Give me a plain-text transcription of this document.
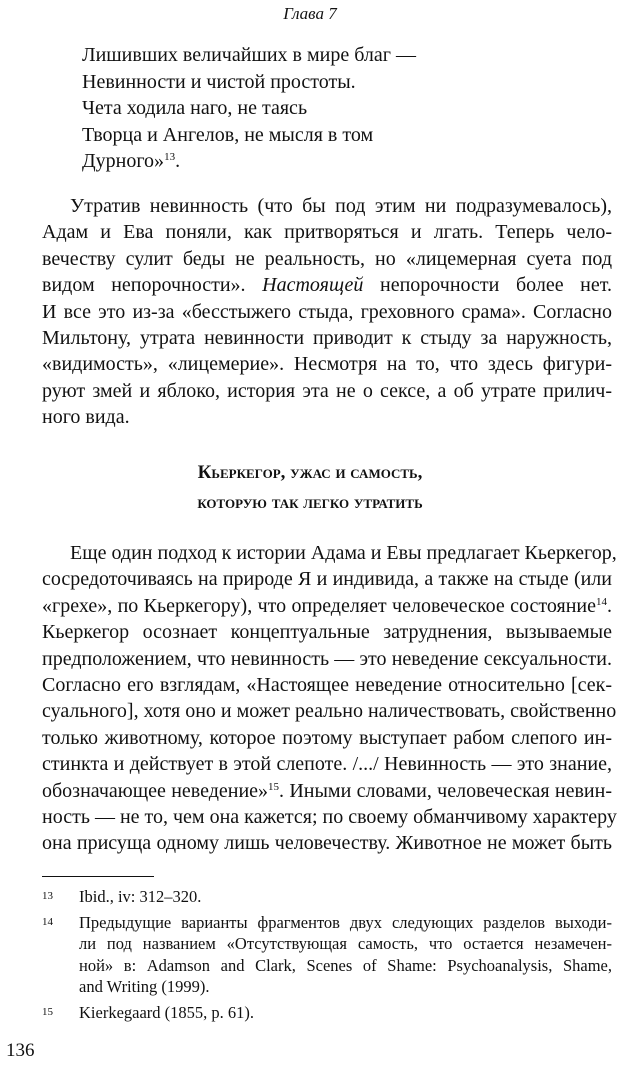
Глава 7
Лишивших величайших в мире благ —
Невинности и чистой простоты.
Чета ходила наго, не таясь
Творца и Ангелов, не мысля в том
Дурного»$^{13}$.
Утратив невинность (что бы под этим ни подразумевалось),
Адам и Ева поняли, как притворяться и лгать. Теперь чело-
вечеству сулит беды не реальность, но «лицемерная суета под
видом непорочности». Настоящей непорочности более нет.
И все это из-за «бесстыжего стыда, греховного срама». Согласно
Мильтону, утрата невинности приводит к стыду за наружность,
«видимость», «лицемерие». Несмотря на то, что здесь фигури-
руют змей и яблоко, история эта не о сексе, а об утрате прилич-
ного вида.
Кьеркегор, ужас и самость,
которую так легко утратить
Еще один подход к истории Адама и Евы предлагает Кьеркегор,
сосредоточиваясь на природе Я и индивида, а также на стыде (или
«грехе», по Кьеркегору), что определяет человеческое состояние$^{14}$.
Кьеркегор осознает концептуальные затруднения, вызываемые
предположением, что невинность — это неведение сексуальности.
Согласно его взглядам, «Настоящее неведение относительно [сек-
суального], хотя оно и может реально наличествовать, свойственно
только животному, которое поэтому выступает рабом слепого ин-
стинкта и действует в этой слепоте. /.../ Невинность — это знание,
обозначающее неведение»$^{15}$. Иными словами, человеческая невин-
ность — не то, чем она кажется; по своему обманчивому характеру
она присуща одному лишь человечеству. Животное не может быть
13 Ibid., iv: 312–320.
14 Предыдущие варианты фрагментов двух следующих разделов выходи-
ли под названием «Отсутствующая самость, что остается незамечен-
ной» в: Adamson and Clark, Scenes of Shame: Psychoanalysis, Shame,
and Writing (1999).
15 Kierkegaard (1855, p. 61).
136
